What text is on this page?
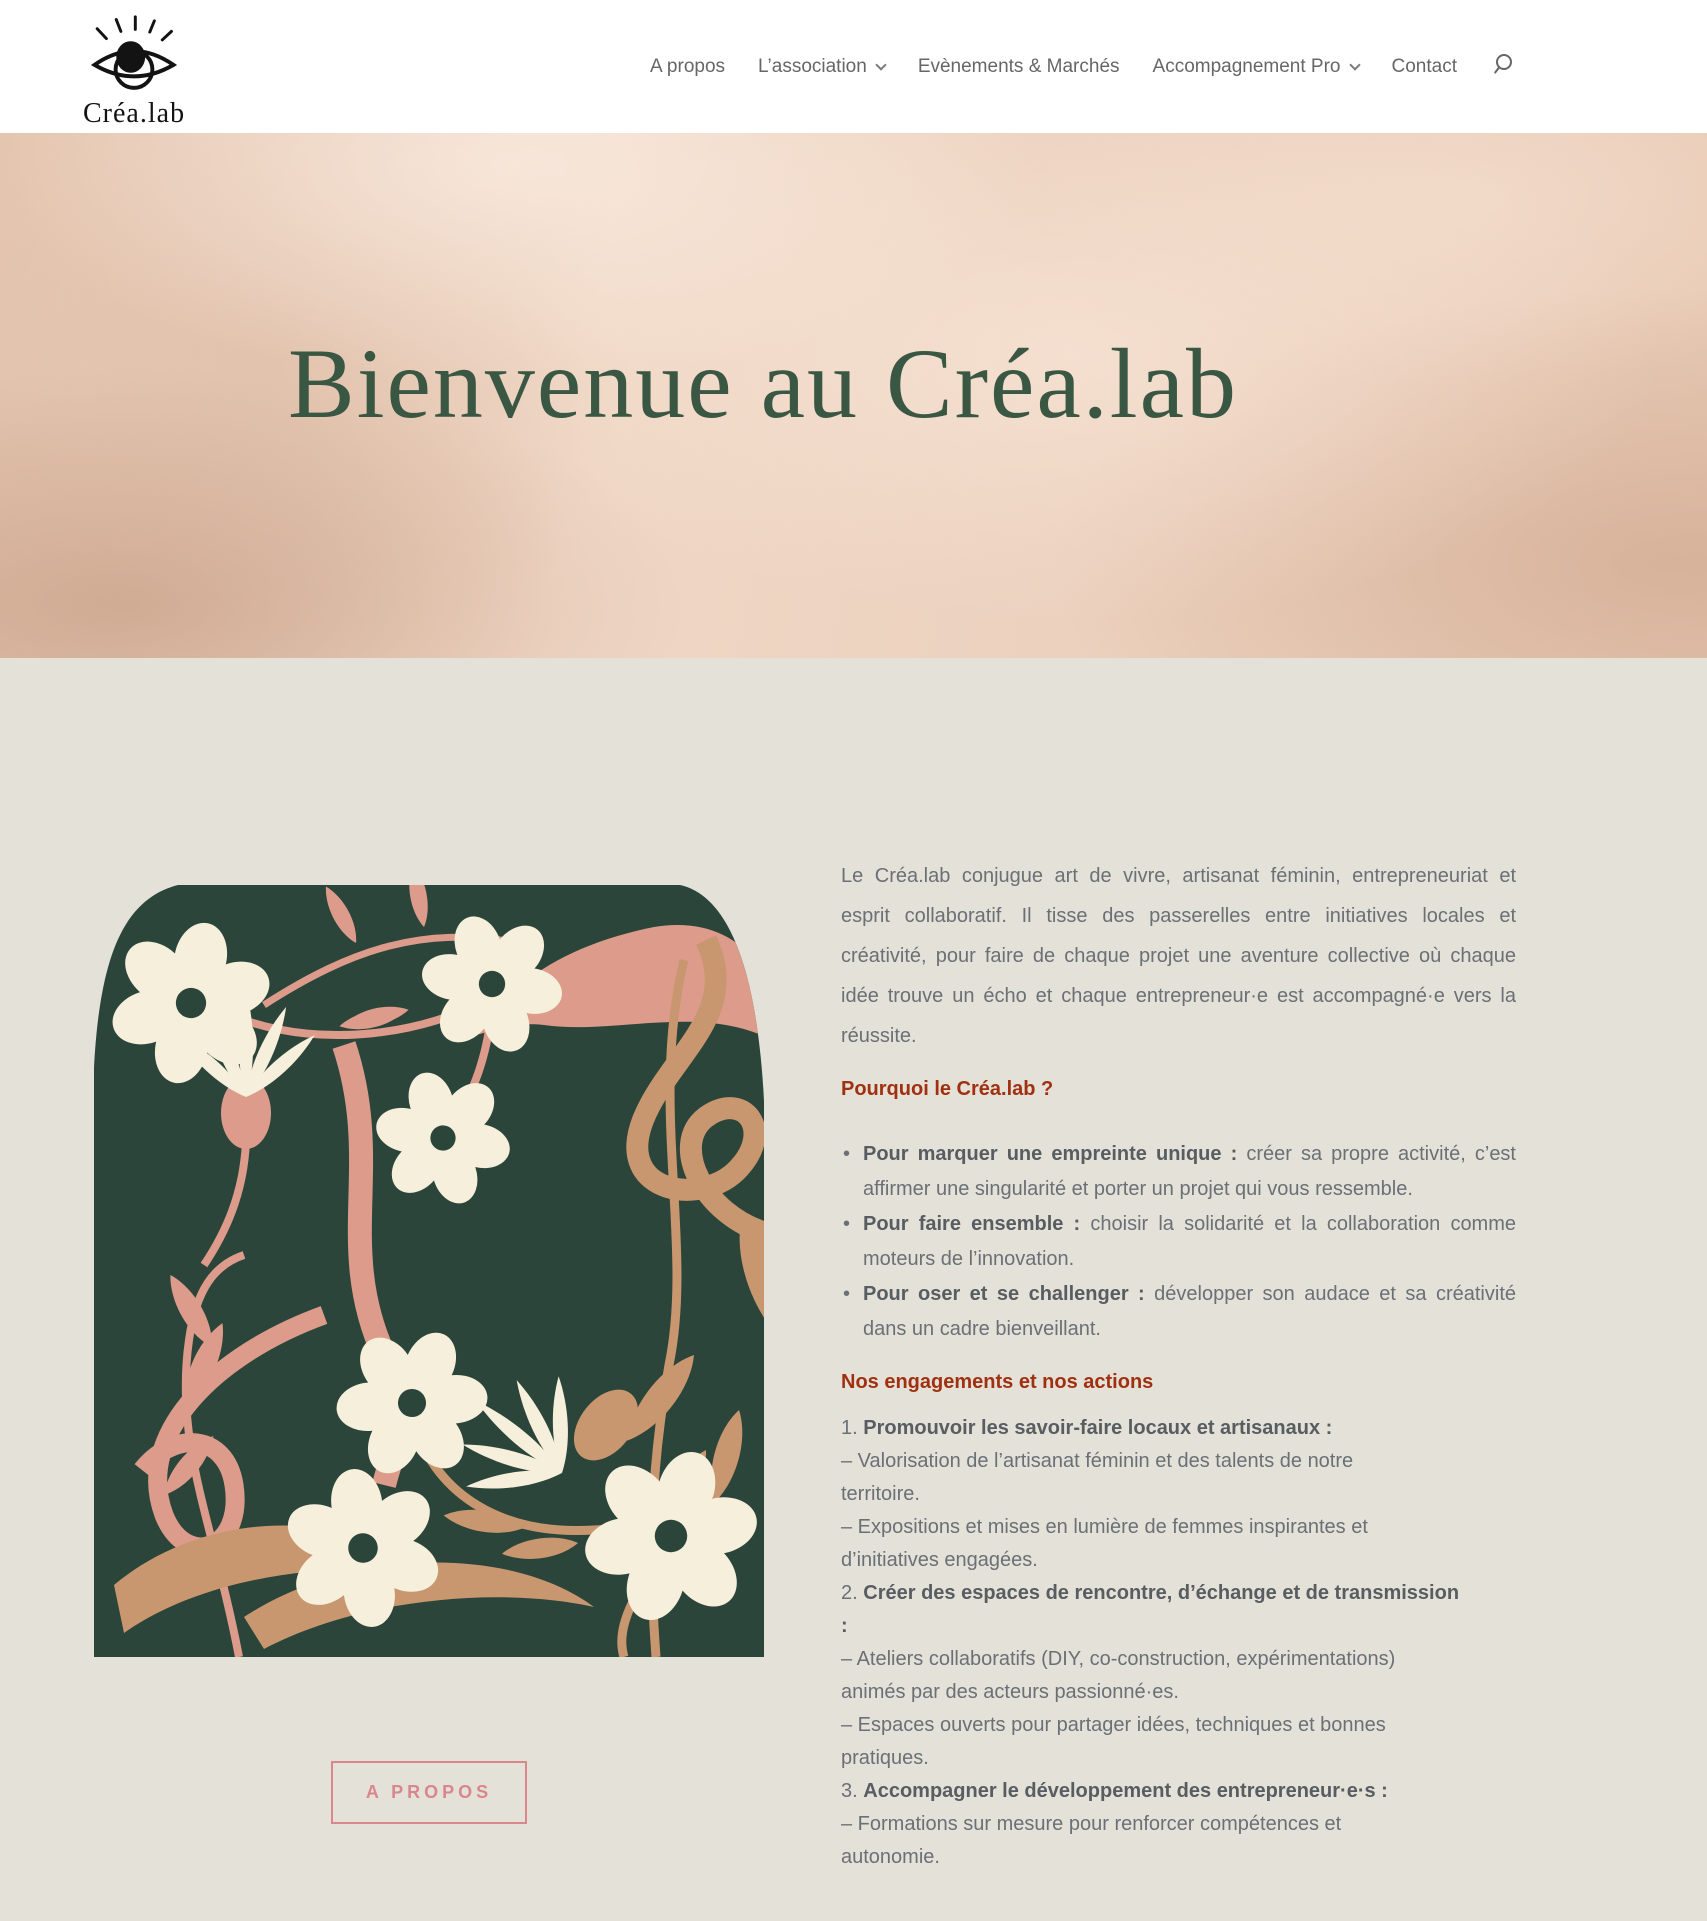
Créa.lab
A propos L’association	Evènements & Marchés Accompagnement Pro	Contact
Bienvenue au Créa.lab
A PROPOS

Le Créa.lab conjugue art de vivre, artisanat féminin, entrepreneuriat et esprit collaboratif. Il tisse des passerelles entre initiatives locales et créativité, pour faire de chaque projet une aventure collective où chaque idée trouve un écho et chaque entrepreneur·e est accompagné·e vers la réussite.

Pourquoi le Créa.lab ?
• Pour marquer une empreinte unique : créer sa propre activité, c’est affirmer une singularité et porter un projet qui vous ressemble.
• Pour faire ensemble : choisir la solidarité et la collaboration comme moteurs de l’innovation.
• Pour oser et se challenger : développer son audace et sa créativité dans un cadre bienveillant.
Nos engagements et nos actions

1. Promouvoir les savoir-faire locaux et artisanaux :
– Valorisation de l’artisanat féminin et des talents de notre
territoire.
– Expositions et mises en lumière de femmes inspirantes et
d’initiatives engagées.
2. Créer des espaces de rencontre, d’échange et de transmission
:
– Ateliers collaboratifs (DIY, co-construction, expérimentations)
animés par des acteurs passionné·es.
– Espaces ouverts pour partager idées, techniques et bonnes
pratiques.
3. Accompagner le développement des entrepreneur·e·s :
– Formations sur mesure pour renforcer compétences et
autonomie.
